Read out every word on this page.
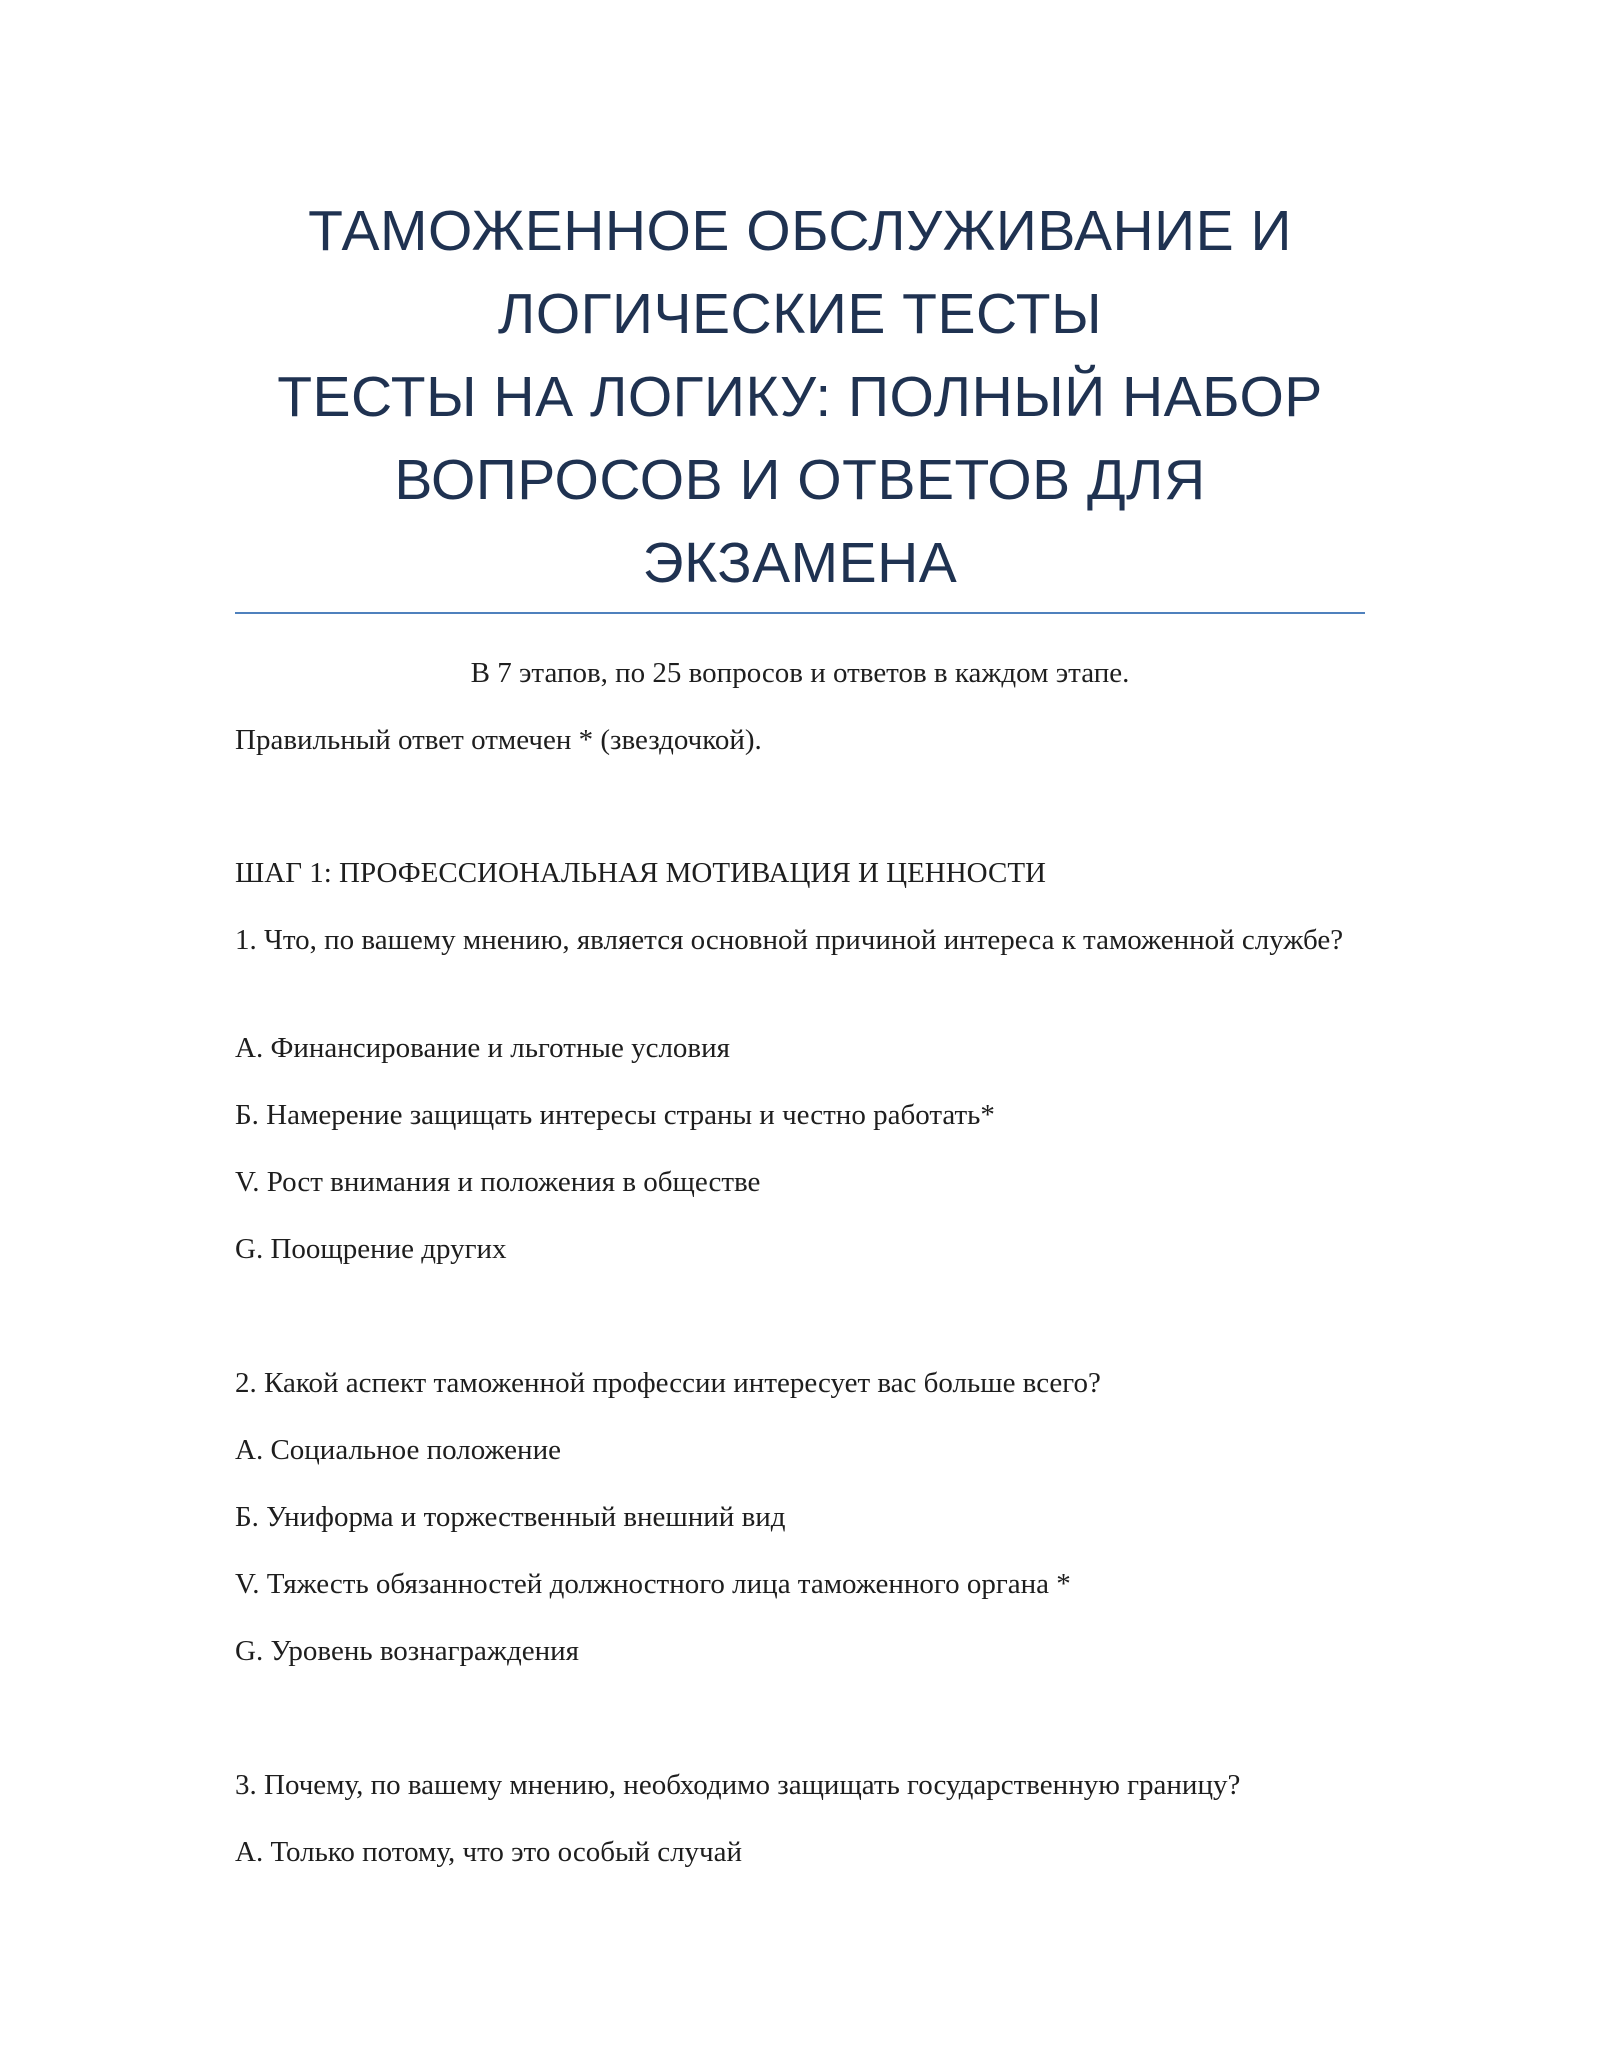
ТАМОЖЕННОЕ ОБСЛУЖИВАНИЕ И
ЛОГИЧЕСКИЕ ТЕСТЫ
ТЕСТЫ НА ЛОГИКУ: ПОЛНЫЙ НАБОР
ВОПРОСОВ И ОТВЕТОВ ДЛЯ
ЭКЗАМЕНА
В 7 этапов, по 25 вопросов и ответов в каждом этапе.
Правильный ответ отмечен * (звездочкой).
ШАГ 1: ПРОФЕССИОНАЛЬНАЯ МОТИВАЦИЯ И ЦЕННОСТИ
1. Что, по вашему мнению, является основной причиной интереса к таможенной службе?
А. Финансирование и льготные условия
Б. Намерение защищать интересы страны и честно работать*
V. Рост внимания и положения в обществе
G. Поощрение других
2. Какой аспект таможенной профессии интересует вас больше всего?
А. Социальное положение
Б. Униформа и торжественный внешний вид
V. Тяжесть обязанностей должностного лица таможенного органа *
G. Уровень вознаграждения
3. Почему, по вашему мнению, необходимо защищать государственную границу?
А. Только потому, что это особый случай
